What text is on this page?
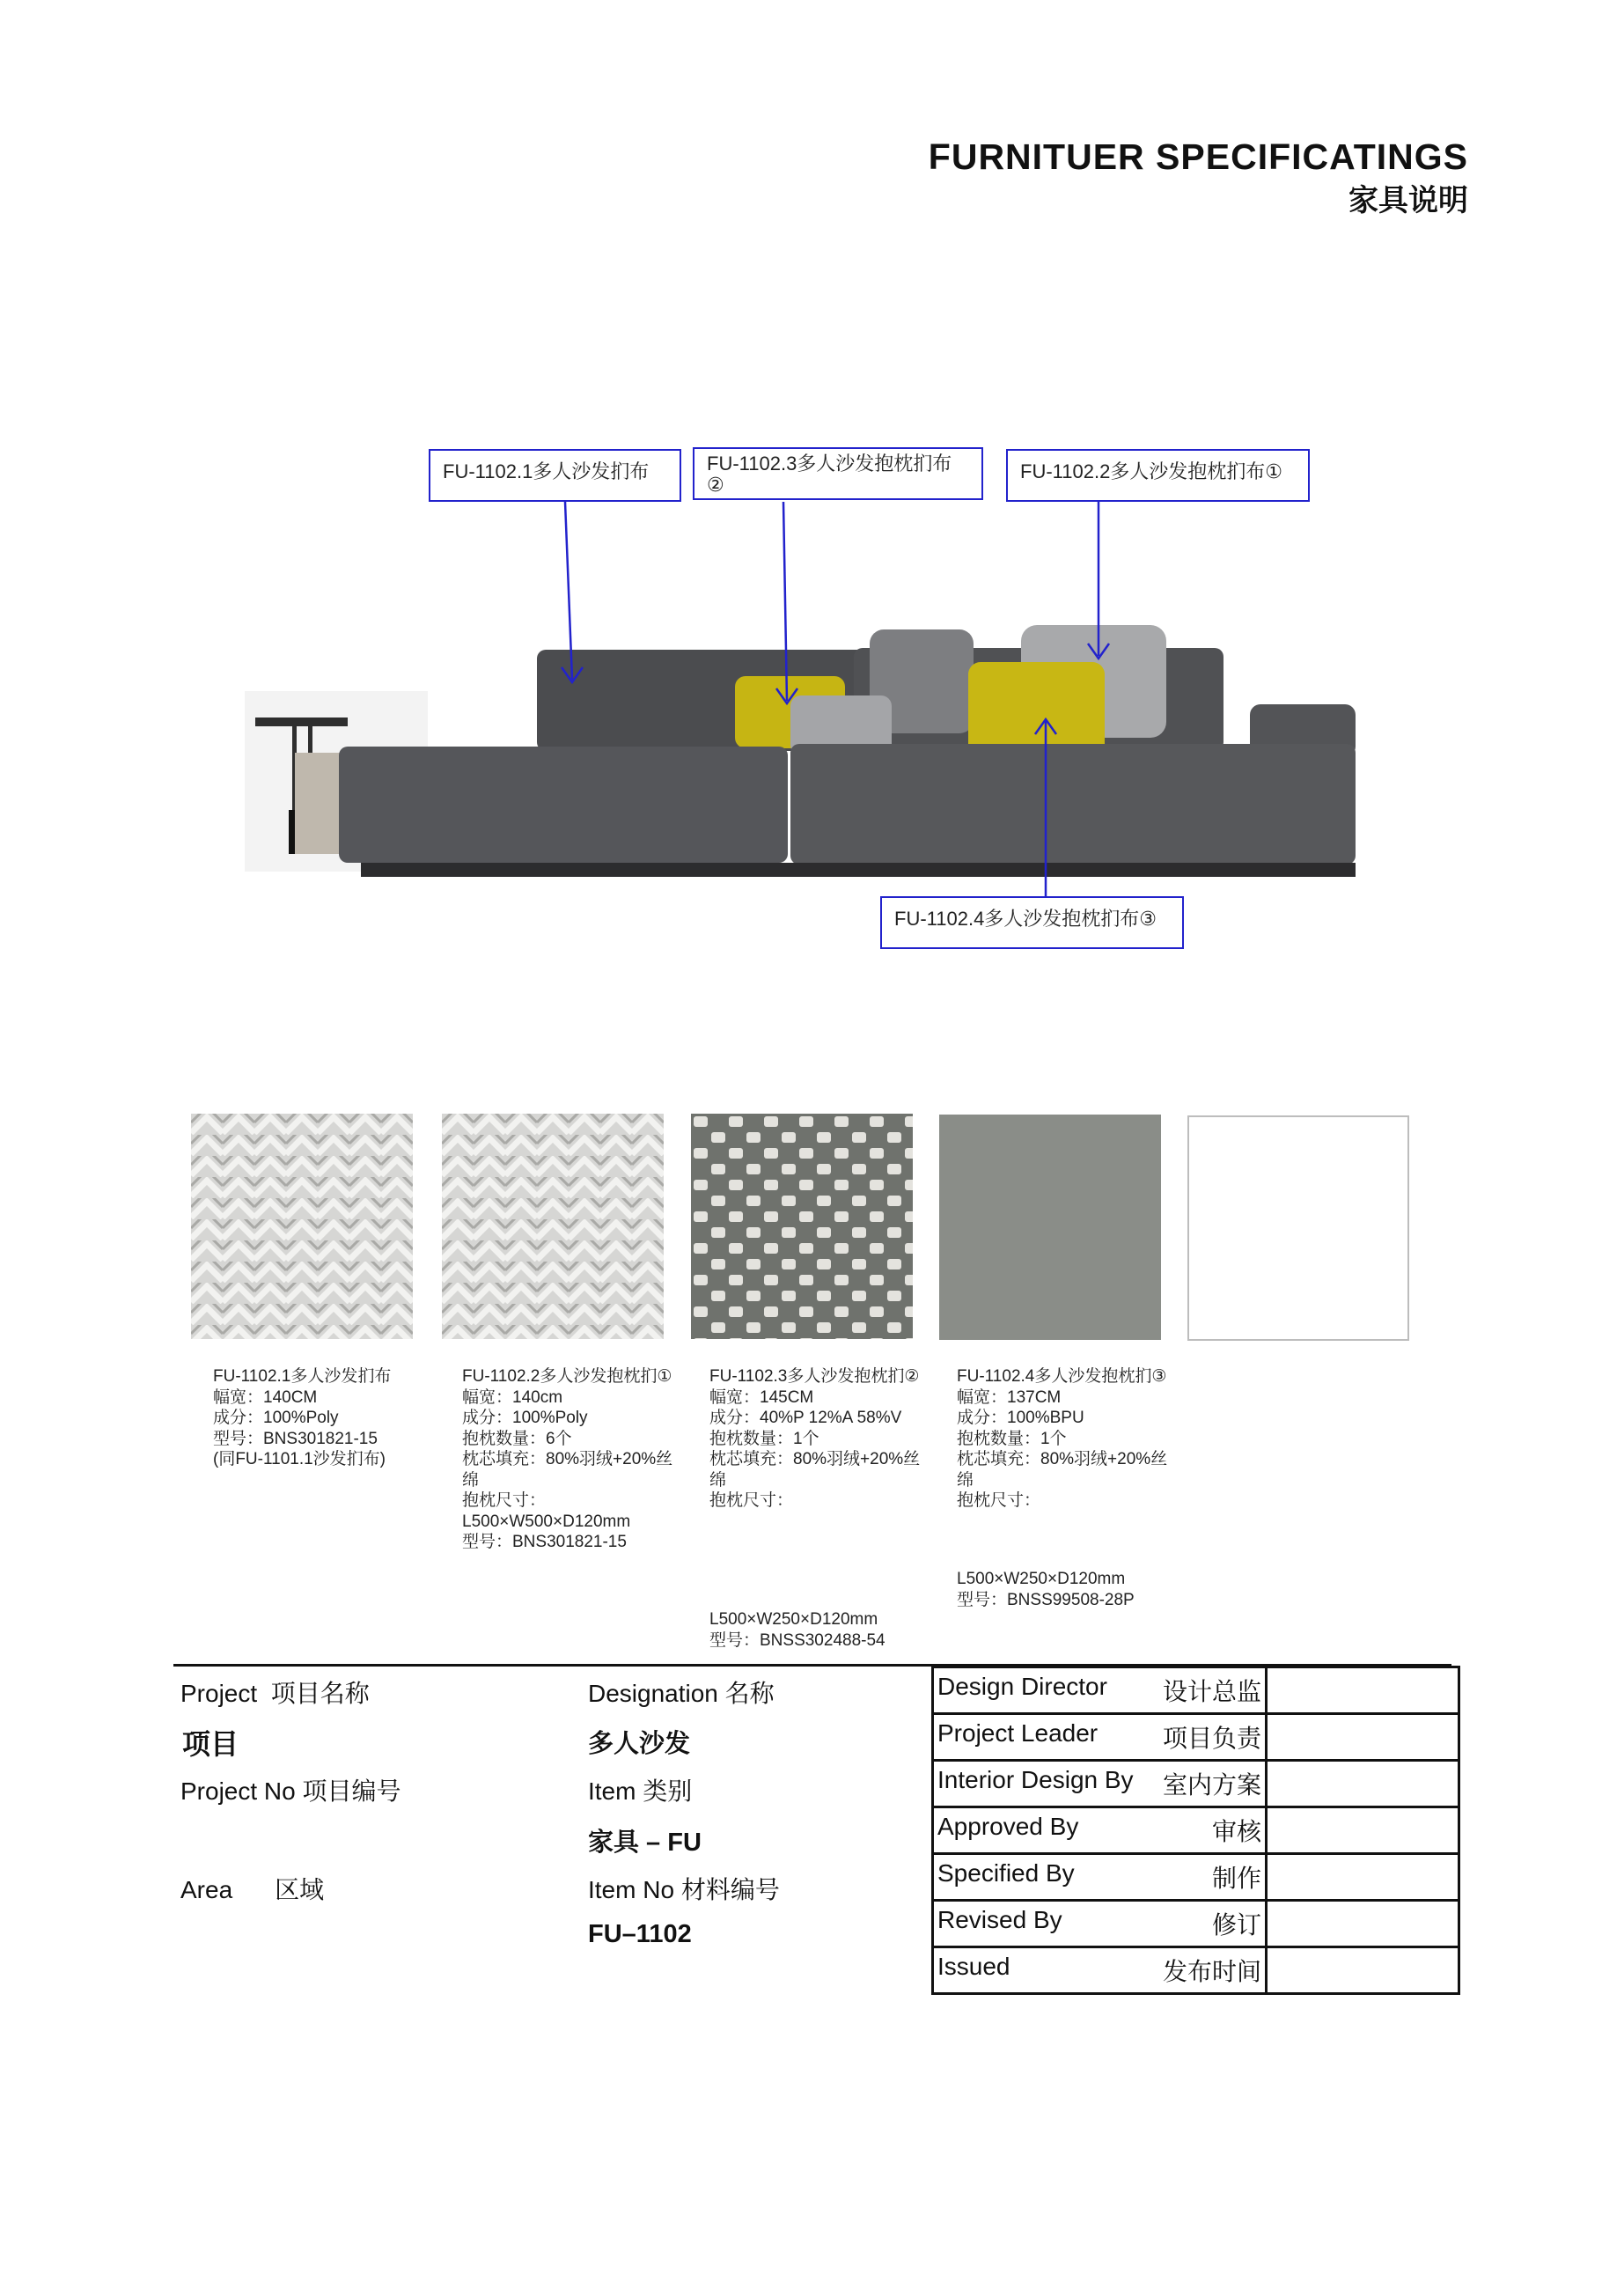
FURNITUER SPECIFICATINGS
家具说明
FU-1102.1多人沙发扪布	FU-1102.3多人沙发抱枕扪布②
FU-1102.2多人沙发抱枕扪布①
FU-1102.4多人沙发抱枕扪布③
FU-1102.1多人沙发扪布
幅宽：140CM
成分：100%Poly
型号：BNS301821-15
(同FU-1101.1沙发扪布)
FU-1102.2多人沙发抱枕扪①
幅宽：140cm
成分：100%Poly
抱枕数量：6个
枕芯填充：80%羽绒+20%丝绵
抱枕尺寸：
L500×W500×D120mm
型号：BNS301821-15
FU-1102.3多人沙发抱枕扪②
幅宽：145CM
成分：40%P 12%A 58%V
抱枕数量：1个
枕芯填充：80%羽绒+20%丝绵
抱枕尺寸：
L500×W250×D120mm
型号：BNSS302488-54
FU-1102.4多人沙发抱枕扪③
幅宽：137CM
成分：100%BPU
抱枕数量：1个
枕芯填充：80%羽绒+20%丝绵
抱枕尺寸：
L500×W250×D120mm
型号：BNSS99508-28P
Project 项目名称
项目
Project No 项目编号
Area 区域
Designation 名称
多人沙发
Item 类别
家具 – FU
Item No 材料编号
FU–1102
Design Director 设计总监	

Project Leader 项目负责	

Interior Design By 室内方案	

Approved By 审核	

Specified By 制作	

Revised By 修订	

Issued 发布时间	
